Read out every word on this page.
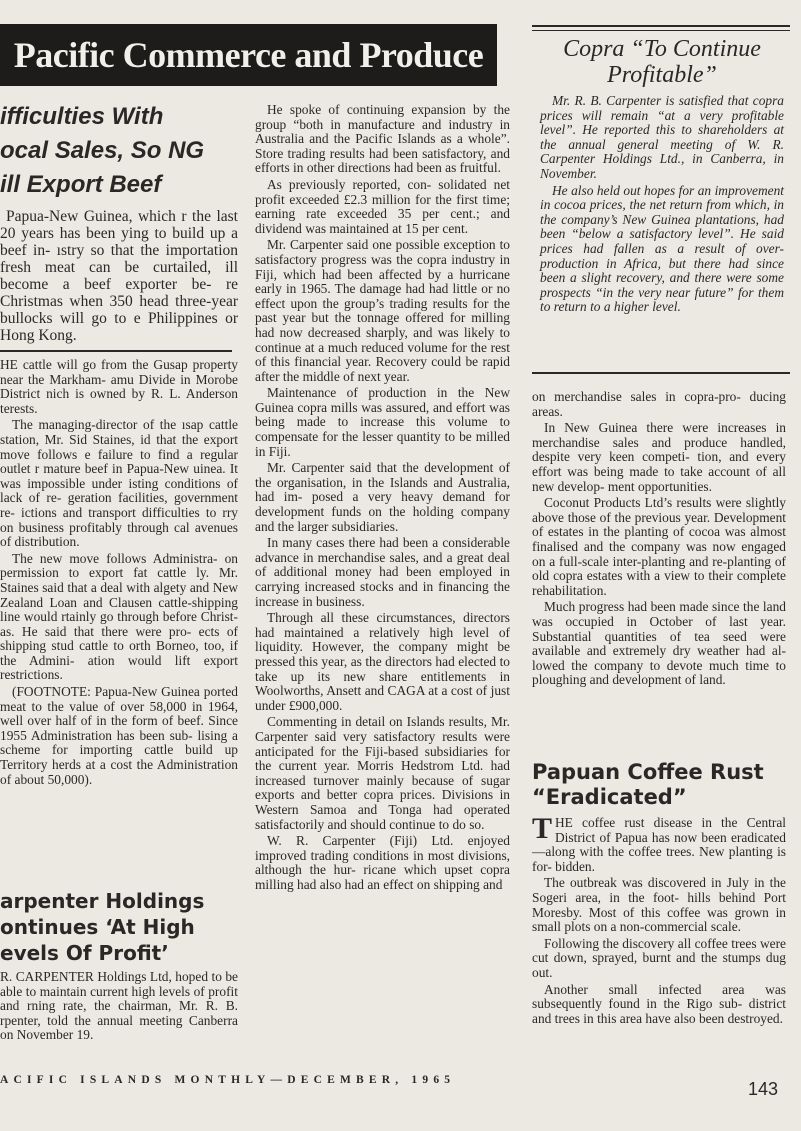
Pacific Commerce and Produce
ifficulties With
ocal Sales, So NG
ill Export Beef

Papua-New Guinea, which r the last 20 years has been ying to build up a beef in- ıstry so that the importation fresh meat can be curtailed, ill become a beef exporter be- re Christmas when 350 head three-year bullocks will go to e Philippines or Hong Kong.

HE cattle will go from the Gusap property near the Markham- amu Divide in Morobe District nich is owned by R. L. Anderson terests.

The managing-director of the ısap cattle station, Mr. Sid Staines, id that the export move follows e failure to find a regular outlet r mature beef in Papua-New uinea. It was impossible under isting conditions of lack of re- geration facilities, government re- ictions and transport difficulties to rry on business profitably through cal avenues of distribution.

The new move follows Administra- on permission to export fat cattle ly. Mr. Staines said that a deal with algety and New Zealand Loan and Clausen cattle-shipping line would rtainly go through before Christ- as. He said that there were pro- ects of shipping stud cattle to orth Borneo, too, if the Admini- ation would lift export restrictions.

(FOOTNOTE: Papua-New Guinea ported meat to the value of over 58,000 in 1964, well over half of in the form of beef. Since 1955 Administration has been sub- lising a scheme for importing cattle build up Territory herds at a cost the Administration of about 50,000).

arpenter Holdings
ontinues ‘At High
evels Of Profit’

R. CARPENTER Holdings Ltd, hoped to be able to maintain current high levels of profit and rning rate, the chairman, Mr. R. B. rpenter, told the annual meeting Canberra on November 19.

He spoke of continuing expansion by the group “both in manufacture and industry in Australia and the Pacific Islands as a whole”. Store trading results had been satisfactory, and efforts in other directions had been as fruitful.

As previously reported, con- solidated net profit exceeded £2.3 million for the first time; earning rate exceeded 35 per cent.; and dividend was maintained at 15 per cent.

Mr. Carpenter said one possible exception to satisfactory progress was the copra industry in Fiji, which had been affected by a hurricane early in 1965. The damage had had little or no effect upon the group’s trading results for the past year but the tonnage offered for milling had now decreased sharply, and was likely to continue at a much reduced volume for the rest of this financial year. Recovery could be rapid after the middle of next year.

Maintenance of production in the New Guinea copra mills was assured, and effort was being made to increase this volume to compensate for the lesser quantity to be milled in Fiji.

Mr. Carpenter said that the development of the organisation, in the Islands and Australia, had im- posed a very heavy demand for development funds on the holding company and the larger subsidiaries.

In many cases there had been a considerable advance in merchandise sales, and a great deal of additional money had been employed in carrying increased stocks and in financing the increase in business.

Through all these circumstances, directors had maintained a relatively high level of liquidity. However, the company might be pressed this year, as the directors had elected to take up its new share entitlements in Woolworths, Ansett and CAGA at a cost of just under £900,000.

Commenting in detail on Islands results, Mr. Carpenter said very satisfactory results were anticipated for the Fiji-based subsidiaries for the current year. Morris Hedstrom Ltd. had increased turnover mainly because of sugar exports and better copra prices. Divisions in Western Samoa and Tonga had operated satisfactorily and should continue to do so.

W. R. Carpenter (Fiji) Ltd. enjoyed improved trading conditions in most divisions, although the hur- ricane which upset copra milling had also had an effect on shipping and

Copra “To Continue
Profitable”

Mr. R. B. Carpenter is satisfied that copra prices will remain “at a very profitable level”. He reported this to shareholders at the annual general meeting of W. R. Carpenter Holdings Ltd., in Canberra, in November.

He also held out hopes for an improvement in cocoa prices, the net return from which, in the company’s New Guinea plantations, had been “below a satisfactory level”. He said prices had fallen as a result of over- production in Africa, but there had since been a slight recovery, and there were some prospects “in the very near future” for them to return to a higher level.

on merchandise sales in copra-pro- ducing areas.

In New Guinea there were increases in merchandise sales and produce handled, despite very keen competi- tion, and every effort was being made to take account of all new develop- ment opportunities.

Coconut Products Ltd’s results were slightly above those of the previous year. Development of estates in the planting of cocoa was almost finalised and the company was now engaged on a full-scale inter-planting and re-planting of old copra estates with a view to their complete rehabilitation.

Much progress had been made since the land was occupied in October of last year. Substantial quantities of tea seed were available and extremely dry weather had al- lowed the company to devote much time to ploughing and development of land.

Papuan Coffee Rust
“Eradicated”

THE coffee rust disease in the Central District of Papua has now been eradicated—along with the coffee trees. New planting is for- bidden.

The outbreak was discovered in July in the Sogeri area, in the foot- hills behind Port Moresby. Most of this coffee was grown in small plots on a non-commercial scale.

Following the discovery all coffee trees were cut down, sprayed, burnt and the stumps dug out.

Another small infected area was subsequently found in the Rigo sub- district and trees in this area have also been destroyed.

ACIFIC ISLANDS MONTHLY—DECEMBER, 1965	143
